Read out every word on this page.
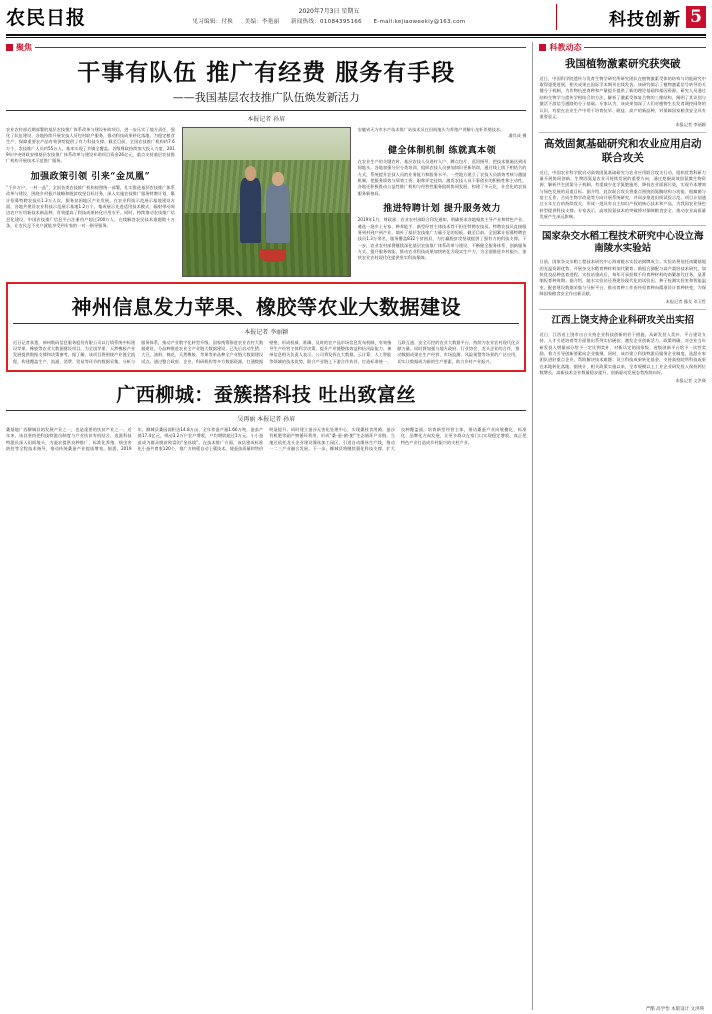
农民日报	2020年7月3日 星期五
见习编辑：付换　　美编：李艳丽　　新闻热线：01084395166　　E-mail:kejiaoweekly@163.com	科技创新 5
聚焦
干事有队伍 推广有经费 服务有手段
——我国基层农技推广队伍焕发新活力
本报记者 孙眉
农业农村部近期部署的基层农技推广体系改革与建设补助项目，进一步压实了地方责任，强化了队伍建设，各地持续开展农技人员包村联户服务，推动科技成果转化落地，为稳定粮食生产、保障重要农产品有效供给提供了有力科技支撑。截至目前，全国农技推广机构约7.6万个，农技推广人员约55万人，基本实现了乡镇全覆盖。各级财政持续加大投入力度，2019年中央财政安排基层农技推广体系改革与建设补助项目资金26亿元，重点支持基层农技推广机构开展技术示范推广服务。
加强政策引领 引来“金凤凰”
“千乡万户、一村一品”，全国各类农技推广机构按照统一部署，扎实推进基层农技推广体系改革与建设，围绕乡村振兴战略和脱贫攻坚目标任务，深入实施农技推广服务特聘计划，累计招募特聘农技员1.3万人次，服务贫困地区产业发展。在农业科技示范展示基地建设方面，各地共建设农业科技示范展示基地1.2万个，集成展示先进适用技术模式，辐射带动周边农户应用新技术新品种，有效提高了科技成果转化应用水平。同时，持续推动农技推广信息化建设，中国农技推广信息平台注册用户超过200万人，在线解答农民技术难题数十万条，让农民足不出户就能享受到专家的一对一指导服务。
安徽省无为市水产技术推广站技术员在田间地头为养殖户讲解小龙虾养殖技术。
潘其成 摄
健全体制机制 练就真本领
在农业生产的关键农时，基层农技人员进村入户、蹲点包片、巡回指导，把技术措施送到田间地头。各地加强分层分类培训，组织农技人员参加知识更新培训，通过线上线下相结合的方式，系统提升农技人员的业务能力和服务水平。一些地方建立了农技人员绩效考核与激励机制，把服务绩效与绩效工资、职称评定挂钩，激发农技人员干事创业的积极性和主动性。各地还积极推动公益性推广机构与经营性服务组织协同发展，构建了多元化、社会化的农技服务新格局。
推进特聘计划 提升服务效力
2019年1月，财政部、农业农村部联合印发通知，明确要求各地聚焦主导产业和特色产业，遴选一批乡土专家、种养能手、新型经营主体技术骨干担任特聘农技员。特聘农技员直接服务到村到户到产业，填补了基层农技推广力量不足的短板。截至目前，全国累计招募特聘农技员1.3万余名，服务覆盖832个贫困县，为打赢脱贫攻坚战提供了强有力的科技支撑。下一步，农业农村部将继续深化基层农技推广体系改革与建设，不断健全服务体系、创新服务方式、提升服务效能，推动农业科技成果加快转化为现实生产力，为全面推进乡村振兴、加快农业农村现代化提供坚实科技保障。
神州信息发力苹果、橡胶等农业大数据建设
本报记者 李丽颖
近日记者获悉，神州数码信息服务股份有限公司以行情系统中标建设苹果、橡胶等农业大数据建设项目，为全国苹果、天然橡胶产业发展提供数据支撑和决策参考。据了解，该项目将围绕产业链全流程，构建覆盖生产、流通、消费、贸易等环节的数据采集、分析与服务体系，推动产业数字化转型升级。国家统筹推进农业农村大数据建设，分品种推进农业全产业链大数据建设，已先后启动生猪、大豆、油料、棉花、天然橡胶、苹果等单品种全产业链大数据建设试点。通过整合政府、企业、科研机构等多方数据资源，打通数据壁垒，形成权威、准确、及时的农产品市场信息发布机制，有效指导生产经营主体科学决策，提升产业链整体效益和抗风险能力。神州信息相关负责人表示，公司将发挥在大数据、云计算、人工智能等领域的技术优势，联合产业链上下游合作伙伴，打造标准统一、互联互通、安全可控的农业大数据平台，持续为农业农村现代化贡献力量。同时将加强与地方政府、行业协会、龙头企业的合作，推动数据成果在生产经营、市场监测、风险预警等场景的广泛应用，切实让数据成为新的生产要素，助力乡村产业振兴。
广西柳城：蚕簇搭科技 吐出致富丝
吴再丽 本报记者 孙眉
桑基地广西柳城县的发展产业之一，也是重要的扶贫产业之一。近年来，该县坚持把科技特派员制度与产业扶贫有机结合，选派科技特派员深入田间地头，为蚕农提供良种推广、标准化养殖、病虫害防控等全程技术指导，推动传统桑蚕产业提质增效。据悉，2019年，柳城县桑园面积达14.8万亩，全年养蚕产量1.66万吨，蚕茧产值17.4亿元，带动3.2万户农户增收，户均增收超过1万元，小小蚕茧成为群众脱贫致富的“金丝线”。在技术推广方面，该县建成标准化小蚕共育室120个，推广方格簇自动上簇技术，使蚕茧质量和售价明显提升。同时建立蚕沙无害化处理中心，实现桑枝食用菌、蚕沙有机肥等副产物循环利用，形成“桑-蚕-菌-肥”生态循环产业链。当地还依托龙头企业建设缫丝加工园区，引进自动缫丝生产线，推动一二三产业融合发展。下一步，柳城县将继续强化科技支撑，扩大良种覆盖面，培育新型经营主体，推动桑蚕产业向规模化、标准化、品牌化方向发展，让更多群众在家门口实现稳定增收，真正把特色产业打造成乡村振兴的支柱产业。
科教动态
我国植物激素研究获突破
近日，中国科学院遗传与发育生物学研究所研究团队在植物激素受体的结构与功能研究中取得重要进展，相关成果在国际学术期刊在线发表。该研究揭示了植物激素信号转导的关键分子机制，为作物抗逆育种和产量提升提供了新的理论基础和基因资源。研究人员通过结构生物学与遗传学相结合的方法，解析了激素受体复合物的三维结构，阐明了其识别与激活下游信号通路的分子基础。专家认为，该成果加深了人们对植物生长发育调控网络的认识，有望在农业生产中用于培育抗旱、耐盐、高产的新品种，对保障国家粮食安全具有重要意义。
本报记者 李丽颖
高效固氮基础研究和农业应用启动联合攻关
近日，中国农业科学院启动高效固氮基础研究与农业应用联合攻关行动，组织优势科研力量开展协同创新。生物固氮是农业可持续发展的重要方向，通过挖掘高效固氮微生物资源、解析共生固氮分子机制，有望减少化学氮肥施用，降低农业面源污染，实现节本增效与绿色发展的双重目标。据介绍，此次联合攻关将重点围绕固氮酶结构与功能、根瘤菌与宿主互作、合成生物学改造等方向开展系统研究，并同步推进田间试验示范。项目计划通过五年左右的持续攻关，形成一批具有自主知识产权的核心技术和产品，为我国农业绿色转型提供科技支撑。专家表示，高效固氮技术的突破将对保障粮食安全、推动农业高质量发展产生深远影响。
国家杂交水稻工程技术研究中心设立海南陵水实验站
日前，国家杂交水稻工程技术研究中心海南陵水实验站揭牌成立。实验站将依托南繁基地的光温资源优势，开展杂交水稻育种材料加代繁育、新组合测配与高产栽培技术研究，加快优良品种选育进程。实验站建成后，每年可承担数千份育种材料的南繁加代任务，显著缩短育种周期。据介绍，陵水实验站还将建设现代化的试验田、种子检测实验室和智能温室，配套建设数据采集与分析平台，推动育种工作由经验育种向精准设计育种转变，为保障国家粮食安全作出新贡献。
本报记者 操戈 邓卫哲
江西上饶支持企业科研攻关出实招
近日，江西省上饶市出台支持企业科技创新的若干措施，从研发投入奖补、平台建设支持、人才引进培育等方面推出系列实招硬招，激发企业创新活力。政策明确，对企业当年研发投入增量部分给予一定比例奖补，对新认定的国家级、省级创新平台给予一次性奖励，着力引导创新要素向企业集聚。同时，该市建立科技特派员服务企业制度，选派专家团队进驻重点企业，帮助解决技术难题；设立科技成果转化基金，支持高校院所科技成果在本地转化落地。据统计，相关政策实施以来，全市规模以上工业企业研发投入保持两位数增长，高新技术企业数量稳步提升，创新驱动发展态势持续向好。
本报记者 文洪瑛
严酷 高学怡 本版设计 文洪瑛
